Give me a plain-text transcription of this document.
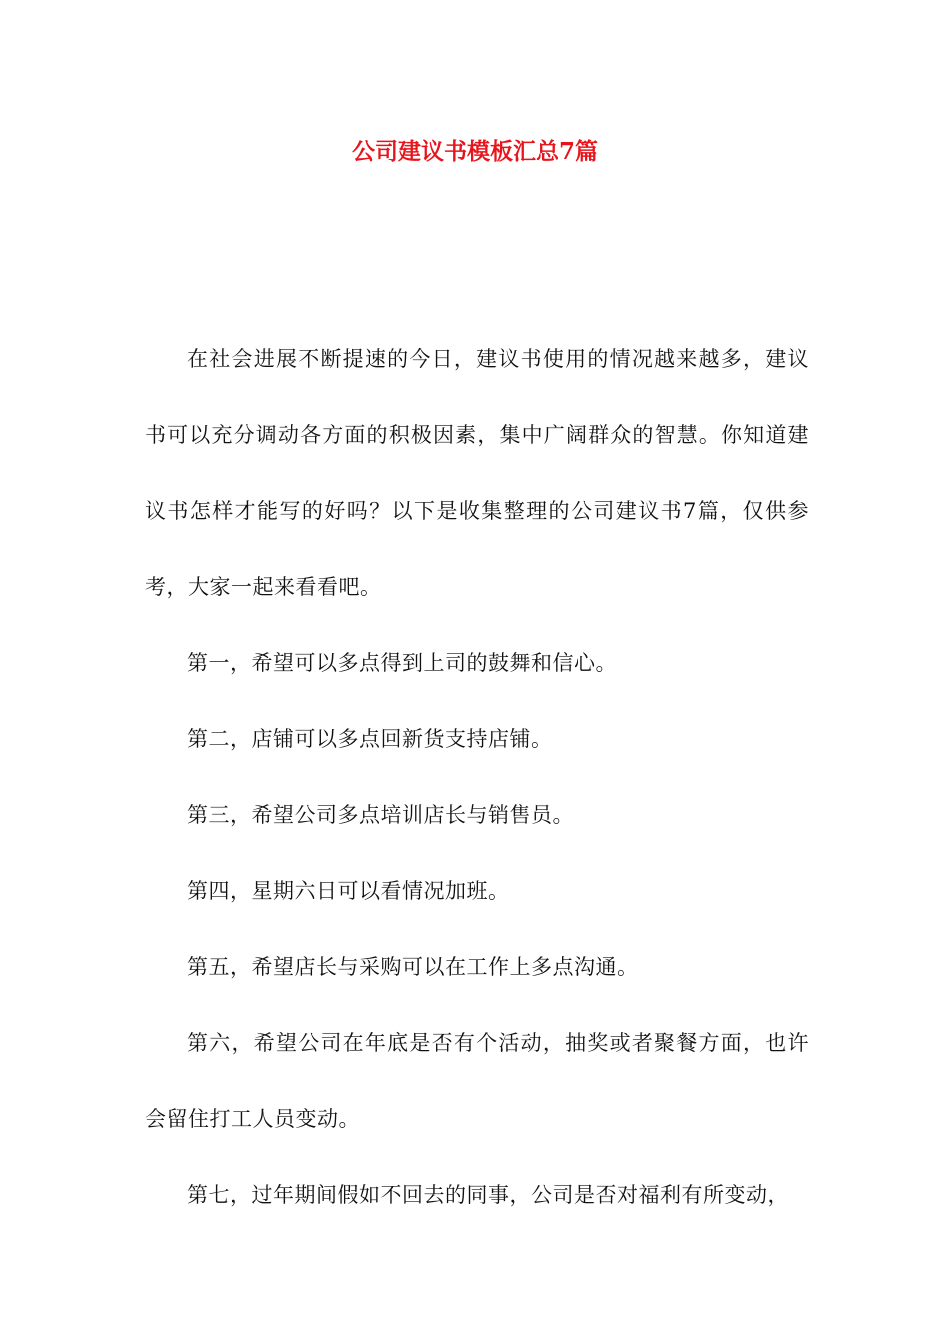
公司建议书模板汇总7篇

在社会进展不断提速的今日，建议书使用的情况越来越多，建议书可以充分调动各方面的积极因素，集中广阔群众的智慧。你知道建议书怎样才能写的好吗？以下是收集整理的公司建议书7篇，仅供参考，大家一起来看看吧。

第一，希望可以多点得到上司的鼓舞和信心。

第二，店铺可以多点回新货支持店铺。

第三，希望公司多点培训店长与销售员。

第四，星期六日可以看情况加班。

第五，希望店长与采购可以在工作上多点沟通。

第六，希望公司在年底是否有个活动，抽奖或者聚餐方面，也许会留住打工人员变动。

第七，过年期间假如不回去的同事，公司是否对福利有所变动，
